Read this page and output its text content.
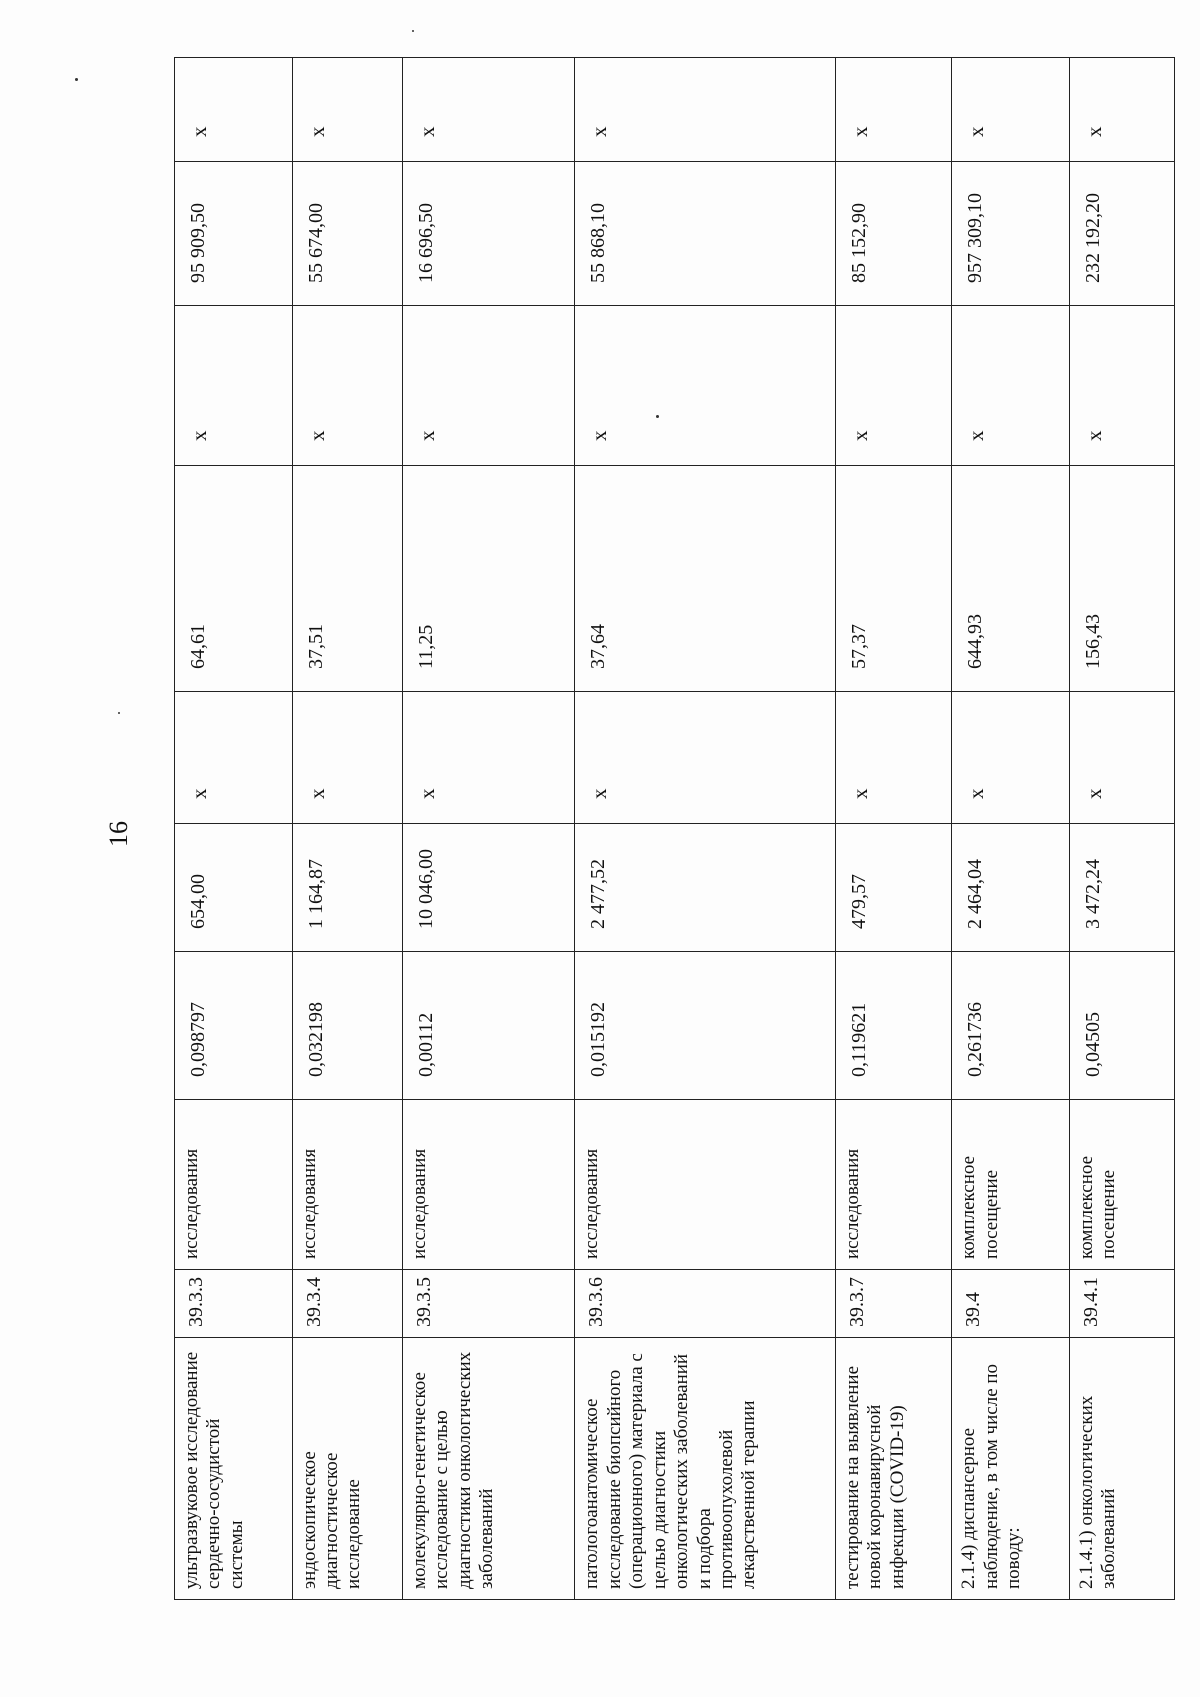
16
ультразвуковое исследование сердечно-сосудистой системы	39.3.3	исследования	0,098797	654,00	x	64,61	x	95 909,50	x
эндоскопическое диагностическое исследование	39.3.4	исследования	0,032198	1 164,87	x	37,51	x	55 674,00	x
молекулярно-генетическое исследование с целью диагностики онкологических заболеваний	39.3.5	исследования	0,00112	10 046,00	x	11,25	x	16 696,50	x
патологоанатомическое исследование биопсийного (операционного) материала с целью диагностики онкологических заболеваний и подбора противоопухолевой лекарственной терапии	39.3.6	исследования	0,015192	2 477,52	x	37,64	x	55 868,10	x
тестирование на выявление новой коронавирусной инфекции (COVID-19)	39.3.7	исследования	0,119621	479,57	x	57,37	x	85 152,90	x
2.1.4) диспансерное наблюдение, в том числе по поводу:	39.4	комплексное посещение	0,261736	2 464,04	x	644,93	x	957 309,10	x
2.1.4.1) онкологических заболеваний	39.4.1	комплексное посещение	0,04505	3 472,24	x	156,43	x	232 192,20	x
